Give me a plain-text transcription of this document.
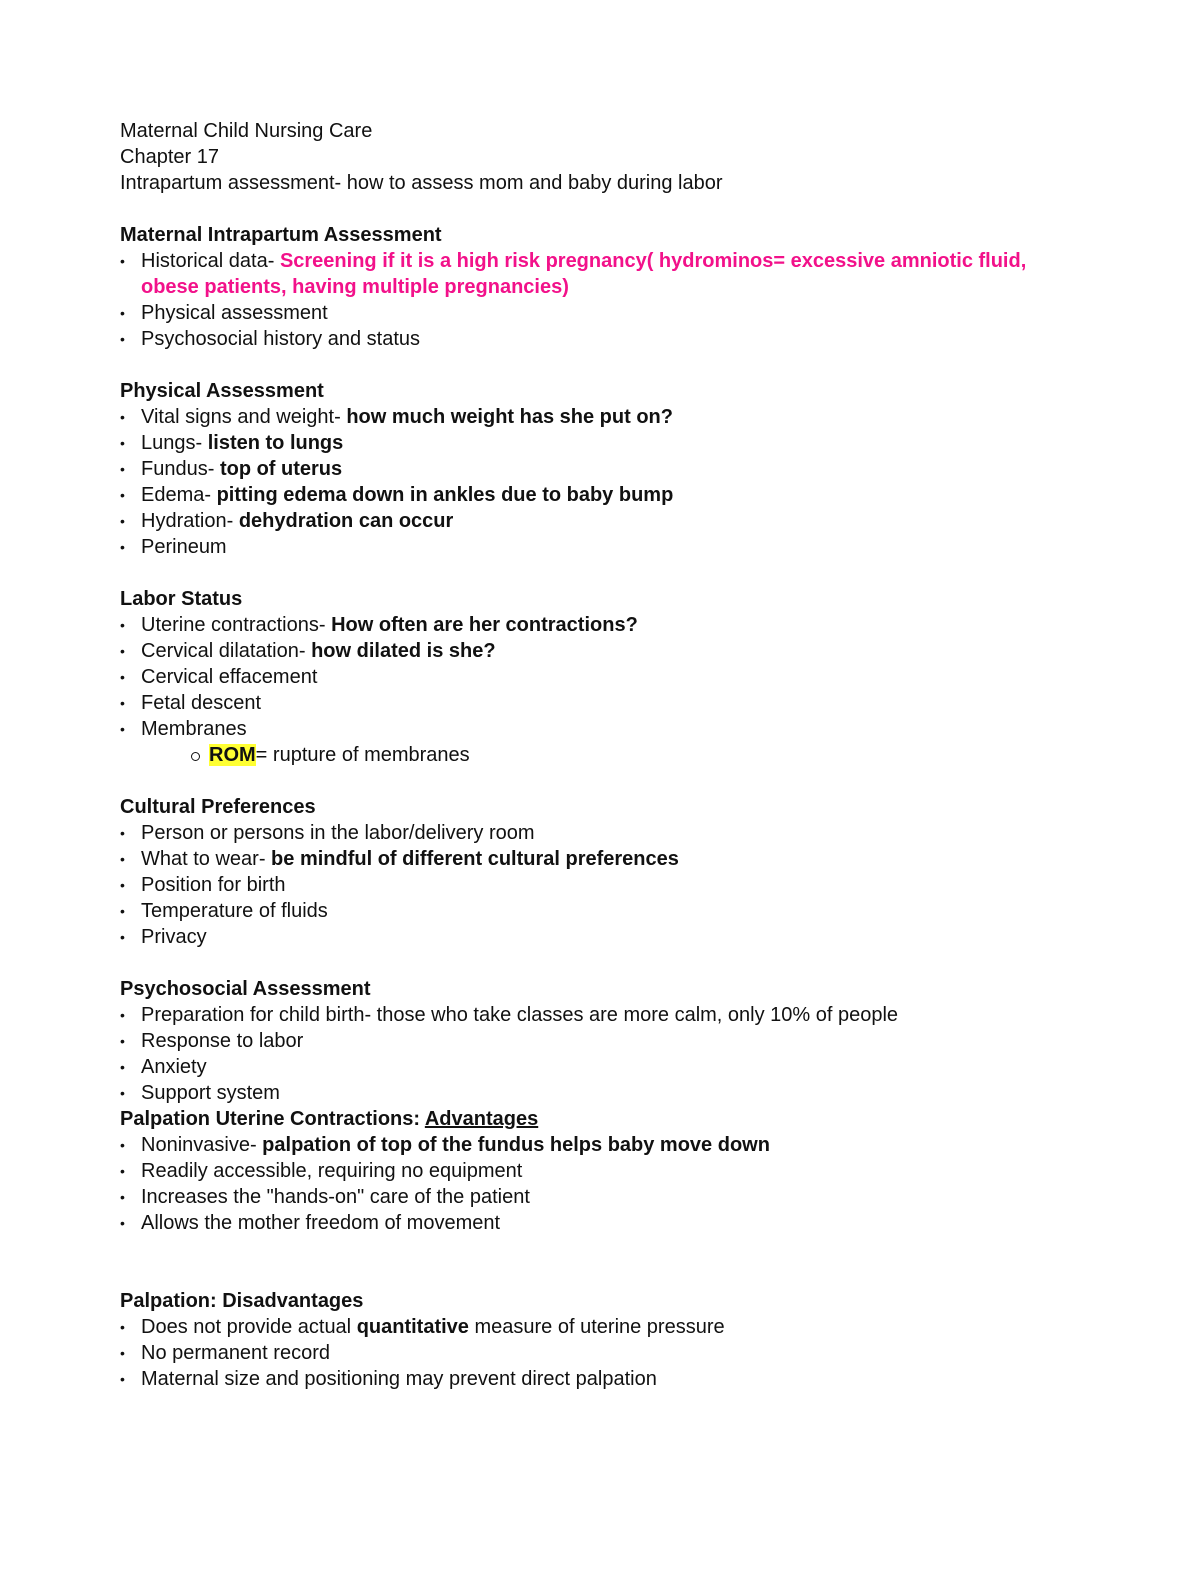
Maternal Child Nursing Care

Chapter 17

Intrapartum assessment- how to assess mom and baby during labor

Maternal Intrapartum Assessment

• Historical data- Screening if it is a high risk pregnancy( hydrominos= excessive amniotic fluid, obese patients, having multiple pregnancies)
• Physical assessment
• Psychosocial history and status

Physical Assessment

• Vital signs and weight- how much weight has she put on?
• Lungs- listen to lungs
• Fundus- top of uterus
• Edema- pitting edema down in ankles due to baby bump
• Hydration- dehydration can occur
• Perineum

Labor Status

• Uterine contractions- How often are her contractions?
• Cervical dilatation- how dilated is she?
• Cervical effacement
• Fetal descent
• Membranes
ROM= rupture of membranes

Cultural Preferences

• Person or persons in the labor/delivery room
• What to wear- be mindful of different cultural preferences
• Position for birth
• Temperature of fluids
• Privacy

Psychosocial Assessment

• Preparation for child birth- those who take classes are more calm, only 10% of people
• Response to labor
• Anxiety
• Support system

Palpation Uterine Contractions: Advantages

• Noninvasive- palpation of top of the fundus helps baby move down
• Readily accessible, requiring no equipment
• Increases the "hands-on" care of the patient
• Allows the mother freedom of movement

Palpation: Disadvantages

• Does not provide actual quantitative measure of uterine pressure
• No permanent record
• Maternal size and positioning may prevent direct palpation
